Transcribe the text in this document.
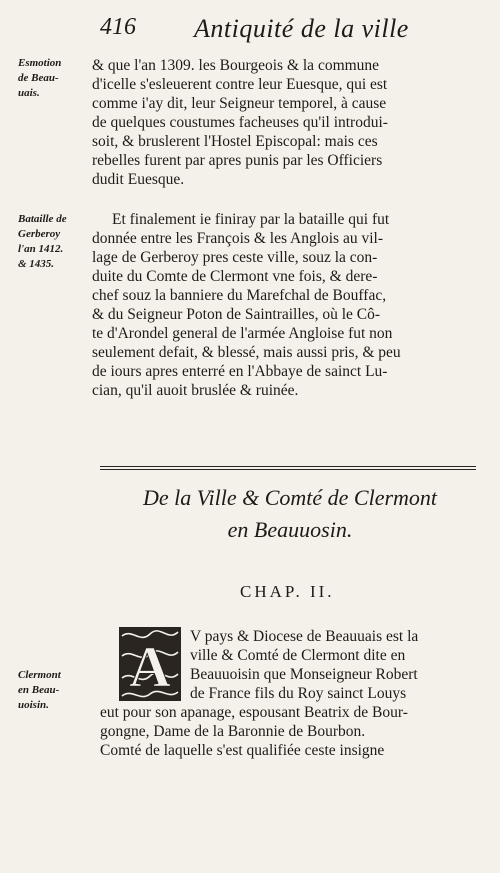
416 Antiquité de la ville
Esmotion
de Beau-
uais.
& que l'an 1309. les Bourgeois & la commune
d'icelle s'esleuerent contre leur Euesque, qui est
comme i'ay dit, leur Seigneur temporel, à cause
de quelques coustumes facheuses qu'il introdui-
soit, & bruslerent l'Hostel Episcopal: mais ces
rebelles furent par apres punis par les Officiers
dudit Euesque.
Bataille de
Gerberoy
l'an 1412.
& 1435.
Et finalement ie finiray par la bataille qui fut
donnée entre les François & les Anglois au vil-
lage de Gerberoy pres ceste ville, souz la con-
duite du Comte de Clermont vne fois, & dere-
chef souz la banniere du Marefchal de Bouffac,
& du Seigneur Poton de Saintrailles, où le Cô-
te d'Arondel general de l'armée Angloise fut non
seulement defait, & blessé, mais aussi pris, & peu
de iours apres enterré en l'Abbaye de sainct Lu-
cian, qu'il auoit bruslée & ruinée.
De la Ville & Comté de Clermont
en Beauuosin.
CHAP. II.
A
Clermont
en Beau-
uoisin.
V pays & Diocese de Beauuais est la
ville & Comté de Clermont dite en
Beauuoisin que Monseigneur Robert
de France fils du Roy sainct Louys
eut pour son apanage, espousant Beatrix de Bour-
gongne, Dame de la Baronnie de Bourbon.
Comté de laquelle s'est qualifiée ceste insigne
